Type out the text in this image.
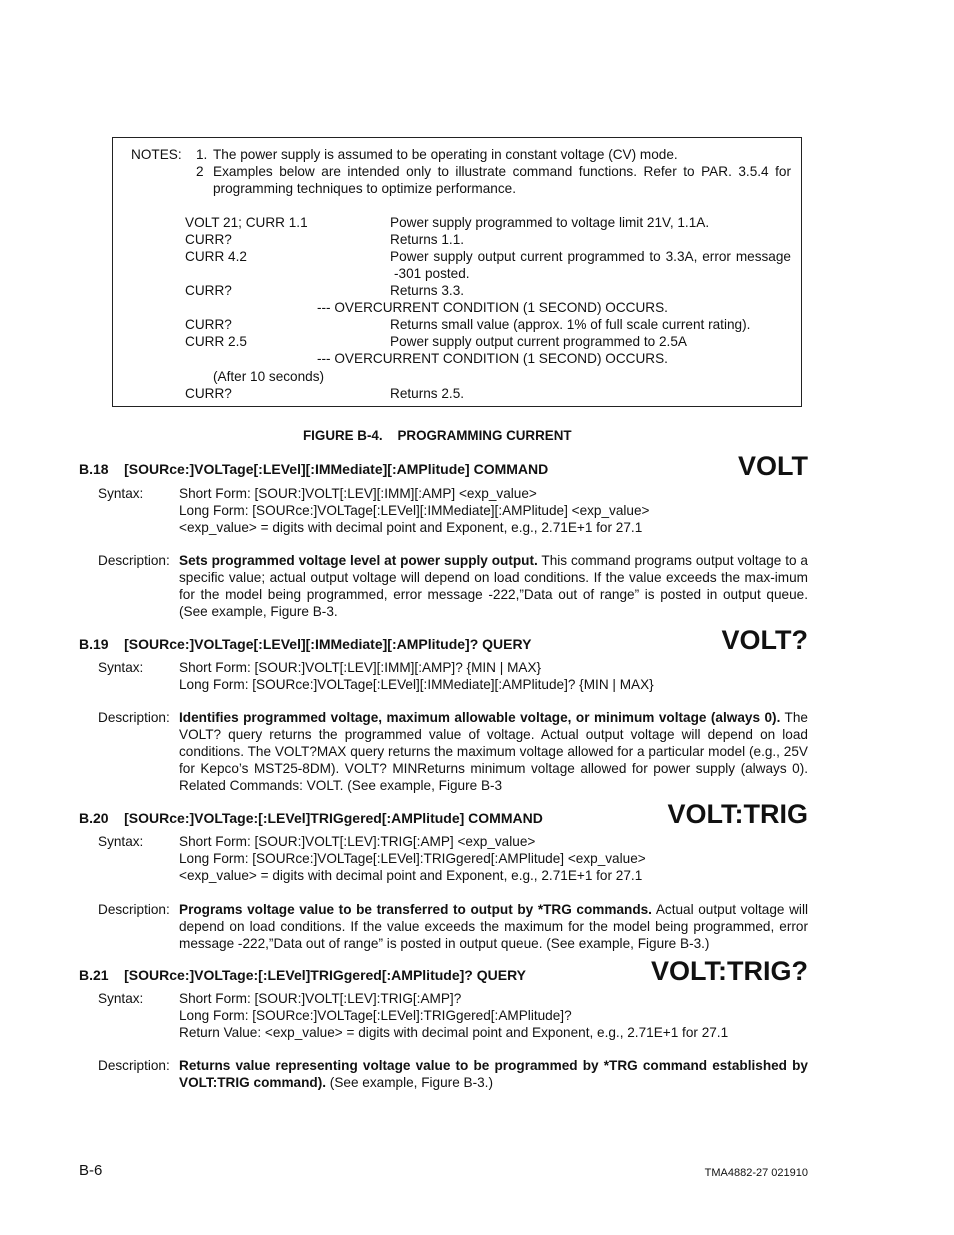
NOTES: 1. The power supply is assumed to be operating in constant voltage (CV) mode.
2 Examples below are intended only to illustrate command functions. Refer to PAR. 3.5.4 for
programming techniques to optimize performance.
VOLT 21; CURR 1.1	Power supply programmed to voltage limit 21V, 1.1A.
CURR?	Returns 1.1.
CURR 4.2	Power supply output current programmed to 3.3A, error message
-301 posted.
CURR?	Returns 3.3.
--- OVERCURRENT CONDITION (1 SECOND) OCCURS.
CURR?	Returns small value (approx. 1% of full scale current rating).
CURR 2.5	Power supply output current programmed to 2.5A
--- OVERCURRENT CONDITION (1 SECOND) OCCURS.
(After 10 seconds)
CURR?	Returns 2.5.
FIGURE B-4.    PROGRAMMING CURRENT
B.18    [SOURce:]VOLTage[:LEVel][:IMMediate][:AMPlitude] COMMAND	VOLT
Syntax:	Short Form: [SOUR:]VOLT[:LEV][:IMM][:AMP] <exp_value>
Long Form: [SOURce:]VOLTage[:LEVel][:IMMediate][:AMPlitude] <exp_value>
<exp_value> = digits with decimal point and Exponent, e.g., 2.71E+1 for 27.1
Description: Sets programmed voltage level at power supply output. This command programs output voltage to a specific value; actual output voltage will depend on load conditions. If the value exceeds the max-imum for the model being programmed, error message -222,”Data out of range” is posted in output queue. (See example, Figure B-3.
B.19    [SOURce:]VOLTage[:LEVel][:IMMediate][:AMPlitude]? QUERY	VOLT?
Syntax:	Short Form: [SOUR:]VOLT[:LEV][:IMM][:AMP]? {MIN | MAX}
Long Form: [SOURce:]VOLTage[:LEVel][:IMMediate][:AMPlitude]? {MIN | MAX}
Description: Identifies programmed voltage, maximum allowable voltage, or minimum voltage (always 0). The VOLT? query returns the programmed value of voltage. Actual output voltage will depend on load conditions. The VOLT?MAX query returns the maximum voltage allowed for a particular model (e.g., 25V for Kepco’s MST25-8DM). VOLT? MINReturns minimum voltage allowed for power supply (always 0). Related Commands: VOLT. (See example, Figure B-3
B.20    [SOURce:]VOLTage:[:LEVel]TRIGgered[:AMPlitude] COMMAND	VOLT:TRIG
Syntax:	Short Form: [SOUR:]VOLT[:LEV]:TRIG[:AMP] <exp_value>
Long Form: [SOURce:]VOLTage[:LEVel]:TRIGgered[:AMPlitude] <exp_value>
<exp_value> = digits with decimal point and Exponent, e.g., 2.71E+1 for 27.1
Description: Programs voltage value to be transferred to output by *TRG commands. Actual output voltage will depend on load conditions. If the value exceeds the maximum for the model being programmed, error message -222,”Data out of range” is posted in output queue. (See example, Figure B-3.)
B.21    [SOURce:]VOLTage:[:LEVel]TRIGgered[:AMPlitude]? QUERY	VOLT:TRIG?
Syntax:	Short Form: [SOUR:]VOLT[:LEV]:TRIG[:AMP]?
Long Form: [SOURce:]VOLTage[:LEVel]:TRIGgered[:AMPlitude]?
Return Value: <exp_value> = digits with decimal point and Exponent, e.g., 2.71E+1 for 27.1
Description: Returns value representing voltage value to be programmed by *TRG command established by VOLT:TRIG command). (See example, Figure B-3.)
B-6	TMA4882-27 021910
